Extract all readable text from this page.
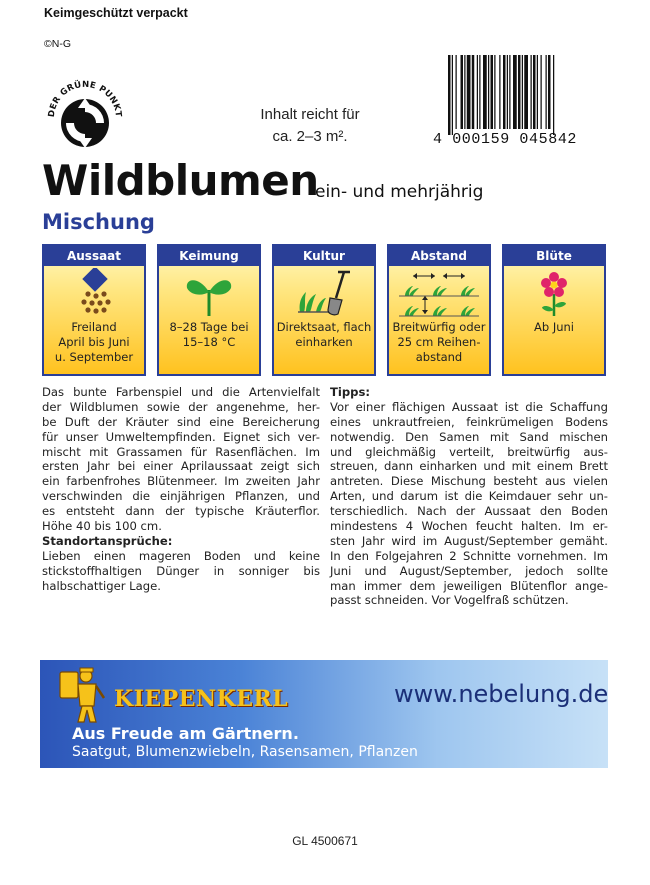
Keimgeschützt verpackt
©N-G
DER GRÜNE PUNKT	Inhalt reicht für
ca. 2–3 m².	4 000159 045842
Wildblumen
ein- und mehrjährig
Mischung
Aussaat
Freiland
April bis Juni
u. September
Keimung
8–28 Tage bei
15–18 °C
Kultur
Direktsaat, flach
einharken
Abstand
Breitwürfig oder
25 cm Reihen-
abstand
Blüte
Ab Juni
Das bunte Farbenspiel und die Artenvielfalt
der Wildblumen sowie der angenehme, her-
be Duft der Kräuter sind eine Bereicherung
für unser Umweltempfinden. Eignet sich ver-
mischt mit Grassamen für Rasenflächen. Im
ersten Jahr bei einer Aprilaussaat zeigt sich
ein farbenfrohes Blütenmeer. Im zweiten Jahr
verschwinden die einjährigen Pflanzen, und
es entsteht dann der typische Kräuterflor.
Höhe 40 bis 100 cm.
Standortansprüche:
Lieben einen mageren Boden und keine
stickstoffhaltigen Dünger in sonniger bis
halbschattiger Lage.
Tipps:
Vor einer flächigen Aussaat ist die Schaffung
eines unkrautfreien, feinkrümeligen Bodens
notwendig. Den Samen mit Sand mischen
und gleichmäßig verteilt, breitwürfig aus-
streuen, dann einharken und mit einem Brett
antreten. Diese Mischung besteht aus vielen
Arten, und darum ist die Keimdauer sehr un-
terschiedlich. Nach der Aussaat den Boden
mindestens 4 Wochen feucht halten. Im er-
sten Jahr wird im August/September gemäht.
In den Folgejahren 2 Schnitte vornehmen. Im
Juni und August/September, jedoch sollte
man immer dem jeweiligen Blütenflor ange-
passt schneiden. Vor Vogelfraß schützen.
KIEPENKERL	www.nebelung.de
Aus Freude am Gärtnern.
Saatgut, Blumenzwiebeln, Rasensamen, Pflanzen
GL 4500671
